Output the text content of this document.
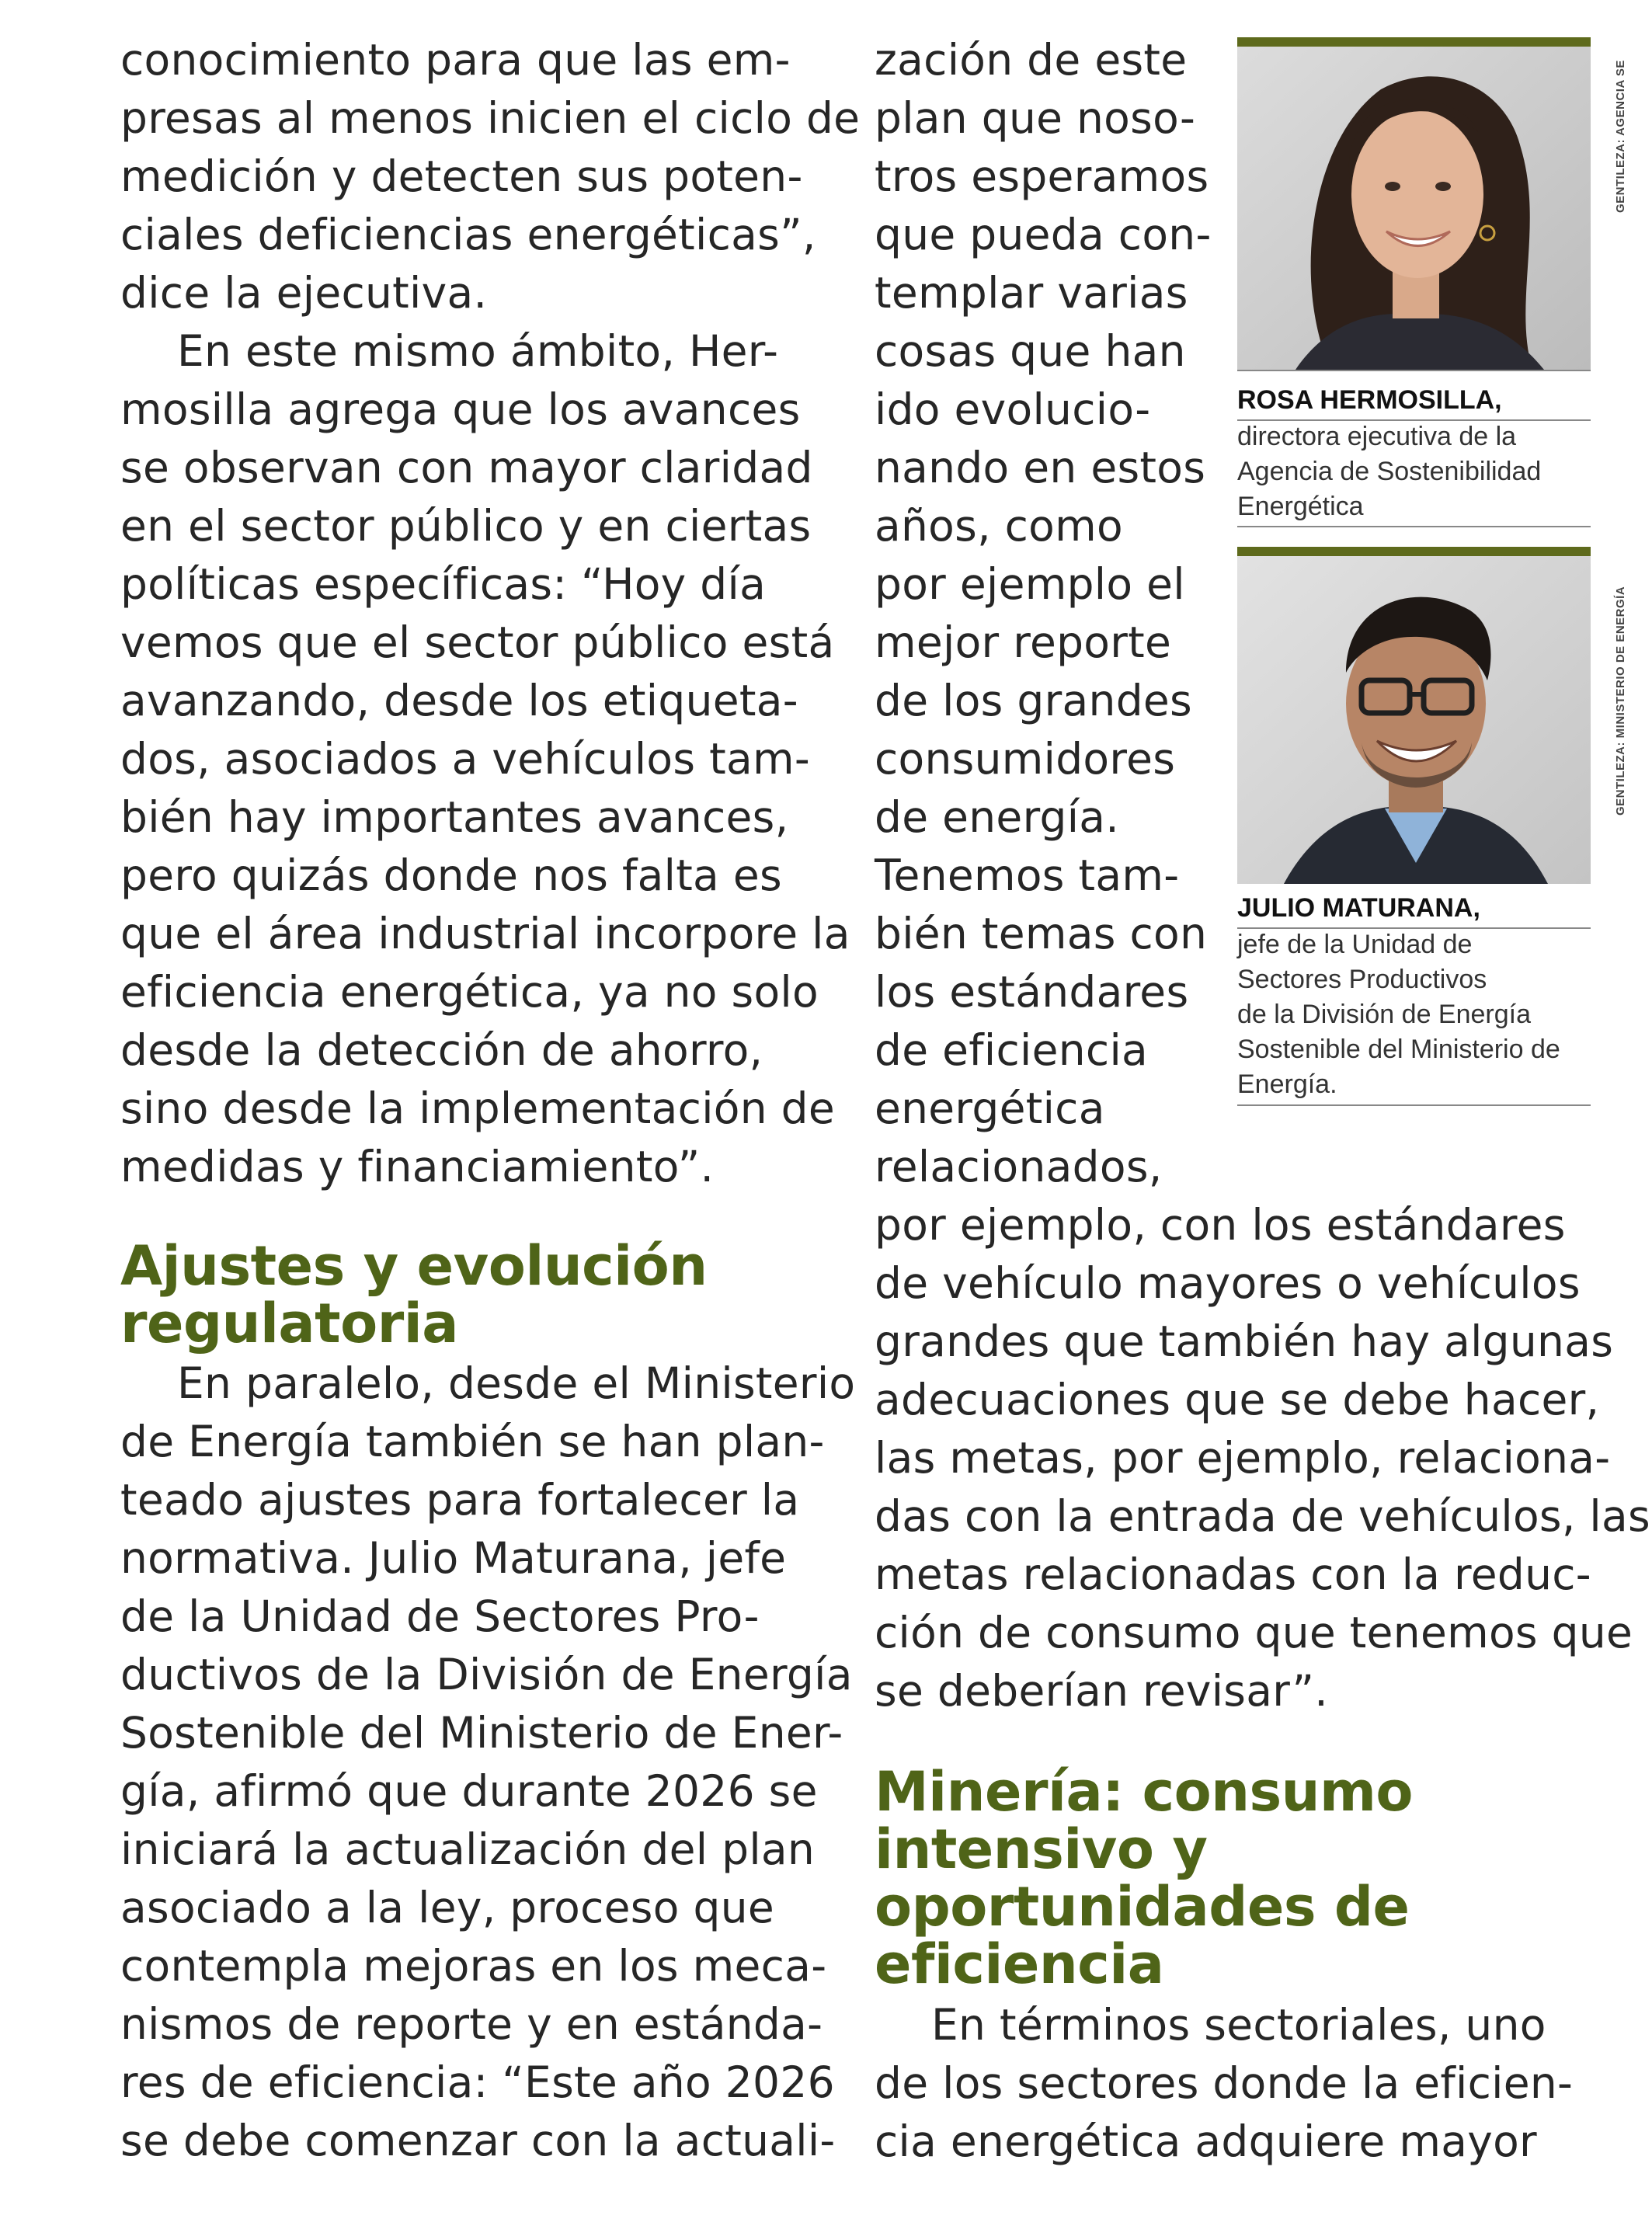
conocimiento para que las em-
presas al menos inicien el ciclo de
medición y detecten sus poten-
ciales deficiencias energéticas”,
dice la ejecutiva.
En este mismo ámbito, Her-
mosilla agrega que los avances
se observan con mayor claridad
en el sector público y en ciertas
políticas específicas: “Hoy día
vemos que el sector público está
avanzando, desde los etiqueta-
dos, asociados a vehículos tam-
bién hay importantes avances,
pero quizás donde nos falta es
que el área industrial incorpore la
eficiencia energética, ya no solo
desde la detección de ahorro,
sino desde la implementación de
medidas y financiamiento”.
Ajustes y evolución
regulatoria
En paralelo, desde el Ministerio
de Energía también se han plan-
teado ajustes para fortalecer la
normativa. Julio Maturana, jefe
de la Unidad de Sectores Pro-
ductivos de la División de Energía
Sostenible del Ministerio de Ener-
gía, afirmó que durante 2026 se
iniciará la actualización del plan
asociado a la ley, proceso que
contempla mejoras en los meca-
nismos de reporte y en estánda-
res de eficiencia: “Este año 2026
se debe comenzar con la actuali-
zación de este
plan que noso-
tros esperamos
que pueda con-
templar varias
cosas que han
ido evolucio-
nando en estos
años, como
por ejemplo el
mejor reporte
de los grandes
consumidores
de energía.
Tenemos tam-
bién temas con
los estándares
de eficiencia
energética
relacionados,
por ejemplo, con los estándares
de vehículo mayores o vehículos
grandes que también hay algunas
adecuaciones que se debe hacer,
las metas, por ejemplo, relaciona-
das con la entrada de vehículos, las
metas relacionadas con la reduc-
ción de consumo que tenemos que
se deberían revisar”.
Minería: consumo
intensivo y
oportunidades de
eficiencia
En términos sectoriales, uno
de los sectores donde la eficien-
cia energética adquiere mayor
ROSA HERMOSILLA,
directora ejecutiva de la
Agencia de Sostenibilidad
Energética
GENTILEZA: AGENCIA SE
JULIO MATURANA,
jefe de la Unidad de
Sectores Productivos
de la División de Energía
Sostenible del Ministerio de
Energía.
GENTILEZA: MINISTERIO DE ENERGÍA
